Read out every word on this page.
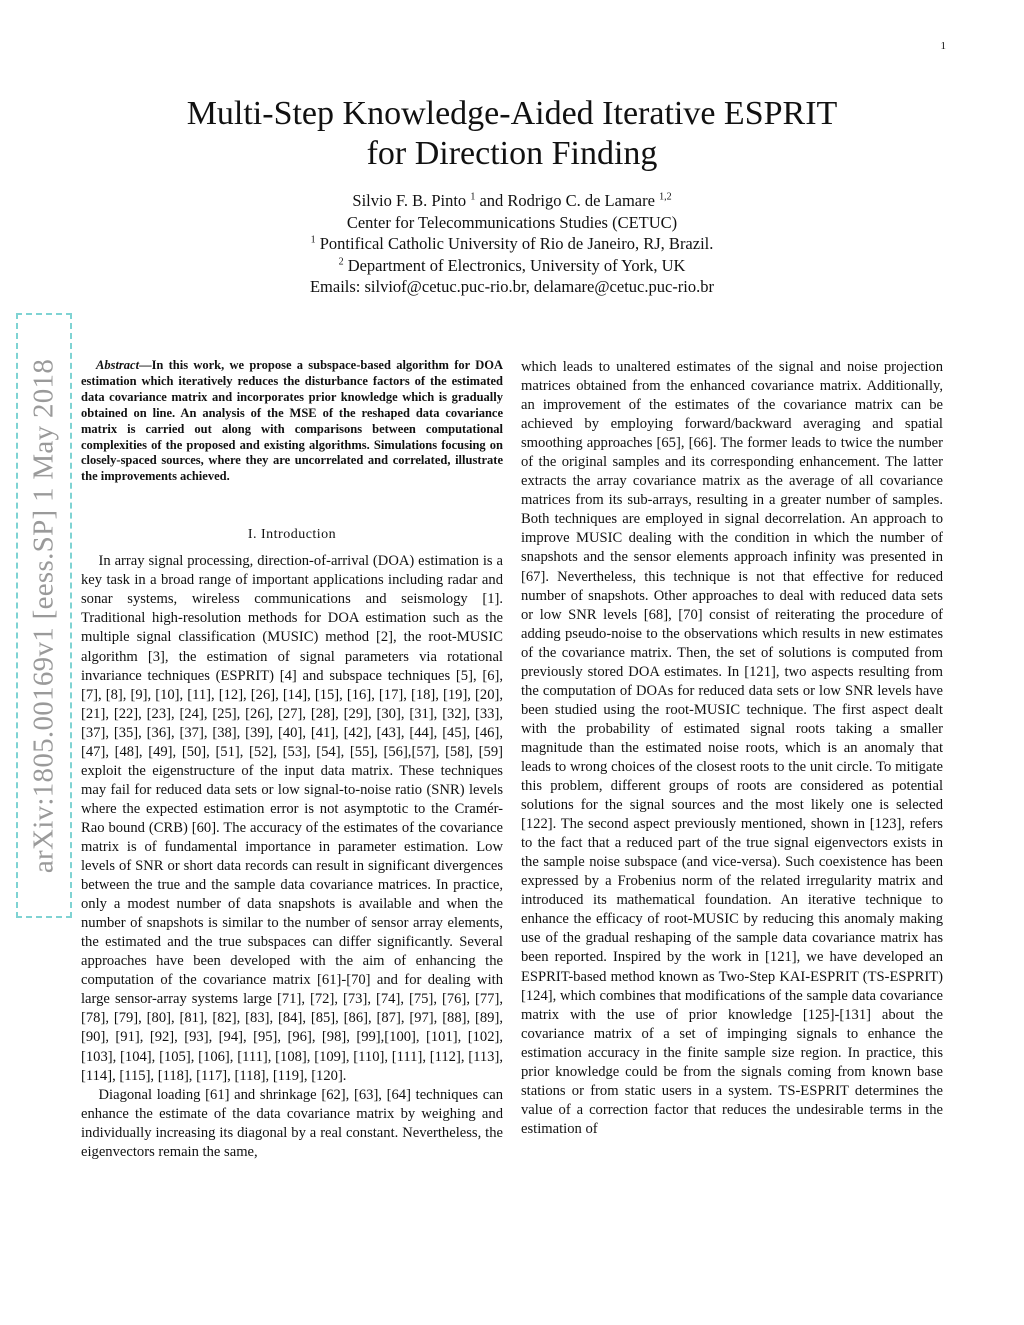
1
arXiv:1805.00169v1 [eess.SP] 1 May 2018
Multi-Step Knowledge-Aided Iterative ESPRIT
for Direction Finding
Silvio F. B. Pinto $^1$ and Rodrigo C. de Lamare $^{1,2}$
Center for Telecommunications Studies (CETUC)
$^1$ Pontifical Catholic University of Rio de Janeiro, RJ, Brazil.
$^2$ Department of Electronics, University of York, UK
Emails: silviof@cetuc.puc-rio.br, delamare@cetuc.puc-rio.br

Abstract—In this work, we propose a subspace-based algorithm for DOA estimation which iteratively reduces the disturbance factors of the estimated data covariance matrix and incorporates prior knowledge which is gradually obtained on line. An analysis of the MSE of the reshaped data covariance matrix is carried out along with comparisons between computational complexities of the proposed and existing algorithms. Simulations focusing on closely-spaced sources, where they are uncorrelated and correlated, illustrate the improvements achieved.

I. Introduction

In array signal processing, direction-of-arrival (DOA) estimation is a key task in a broad range of important applications including radar and sonar systems, wireless communications and seismology [1]. Traditional high-resolution methods for DOA estimation such as the multiple signal classification (MUSIC) method [2], the root-MUSIC algorithm [3], the estimation of signal parameters via rotational invariance techniques (ESPRIT) [4] and subspace techniques [5], [6], [7], [8], [9], [10], [11], [12], [26], [14], [15], [16], [17], [18], [19], [20], [21], [22], [23], [24], [25], [26], [27], [28], [29], [30], [31], [32], [33], [37], [35], [36], [37], [38], [39], [40], [41], [42], [43], [44], [45], [46], [47], [48], [49], [50], [51], [52], [53], [54], [55], [56],[57], [58], [59] exploit the eigenstructure of the input data matrix. These techniques may fail for reduced data sets or low signal-to-noise ratio (SNR) levels where the expected estimation error is not asymptotic to the Cramér-Rao bound (CRB) [60]. The accuracy of the estimates of the covariance matrix is of fundamental importance in parameter estimation. Low levels of SNR or short data records can result in significant divergences between the true and the sample data covariance matrices. In practice, only a modest number of data snapshots is available and when the number of snapshots is similar to the number of sensor array elements, the estimated and the true subspaces can differ significantly. Several approaches have been developed with the aim of enhancing the computation of the covariance matrix [61]-[70] and for dealing with large sensor-array systems large [71], [72], [73], [74], [75], [76], [77], [78], [79], [80], [81], [82], [83], [84], [85], [86], [87], [97], [88], [89], [90], [91], [92], [93], [94], [95], [96], [98], [99],[100], [101], [102], [103], [104], [105], [106], [111], [108], [109], [110], [111], [112], [113], [114], [115], [118], [117], [118], [119], [120].

Diagonal loading [61] and shrinkage [62], [63], [64] techniques can enhance the estimate of the data covariance matrix by weighing and individually increasing its diagonal by a real constant. Nevertheless, the eigenvectors remain the same,

which leads to unaltered estimates of the signal and noise projection matrices obtained from the enhanced covariance matrix. Additionally, an improvement of the estimates of the covariance matrix can be achieved by employing forward/backward averaging and spatial smoothing approaches [65], [66]. The former leads to twice the number of the original samples and its corresponding enhancement. The latter extracts the array covariance matrix as the average of all covariance matrices from its sub-arrays, resulting in a greater number of samples. Both techniques are employed in signal decorrelation. An approach to improve MUSIC dealing with the condition in which the number of snapshots and the sensor elements approach infinity was presented in [67]. Nevertheless, this technique is not that effective for reduced number of snapshots. Other approaches to deal with reduced data sets or low SNR levels [68], [70] consist of reiterating the procedure of adding pseudo-noise to the observations which results in new estimates of the covariance matrix. Then, the set of solutions is computed from previously stored DOA estimates. In [121], two aspects resulting from the computation of DOAs for reduced data sets or low SNR levels have been studied using the root-MUSIC technique. The first aspect dealt with the probability of estimated signal roots taking a smaller magnitude than the estimated noise roots, which is an anomaly that leads to wrong choices of the closest roots to the unit circle. To mitigate this problem, different groups of roots are considered as potential solutions for the signal sources and the most likely one is selected [122]. The second aspect previously mentioned, shown in [123], refers to the fact that a reduced part of the true signal eigenvectors exists in the sample noise subspace (and vice-versa). Such coexistence has been expressed by a Frobenius norm of the related irregularity matrix and introduced its mathematical foundation. An iterative technique to enhance the efficacy of root-MUSIC by reducing this anomaly making use of the gradual reshaping of the sample data covariance matrix has been reported. Inspired by the work in [121], we have developed an ESPRIT-based method known as Two-Step KAI-ESPRIT (TS-ESPRIT) [124], which combines that modifications of the sample data covariance matrix with the use of prior knowledge [125]-[131] about the covariance matrix of a set of impinging signals to enhance the estimation accuracy in the finite sample size region. In practice, this prior knowledge could be from the signals coming from known base stations or from static users in a system. TS-ESPRIT determines the value of a correction factor that reduces the undesirable terms in the estimation of
